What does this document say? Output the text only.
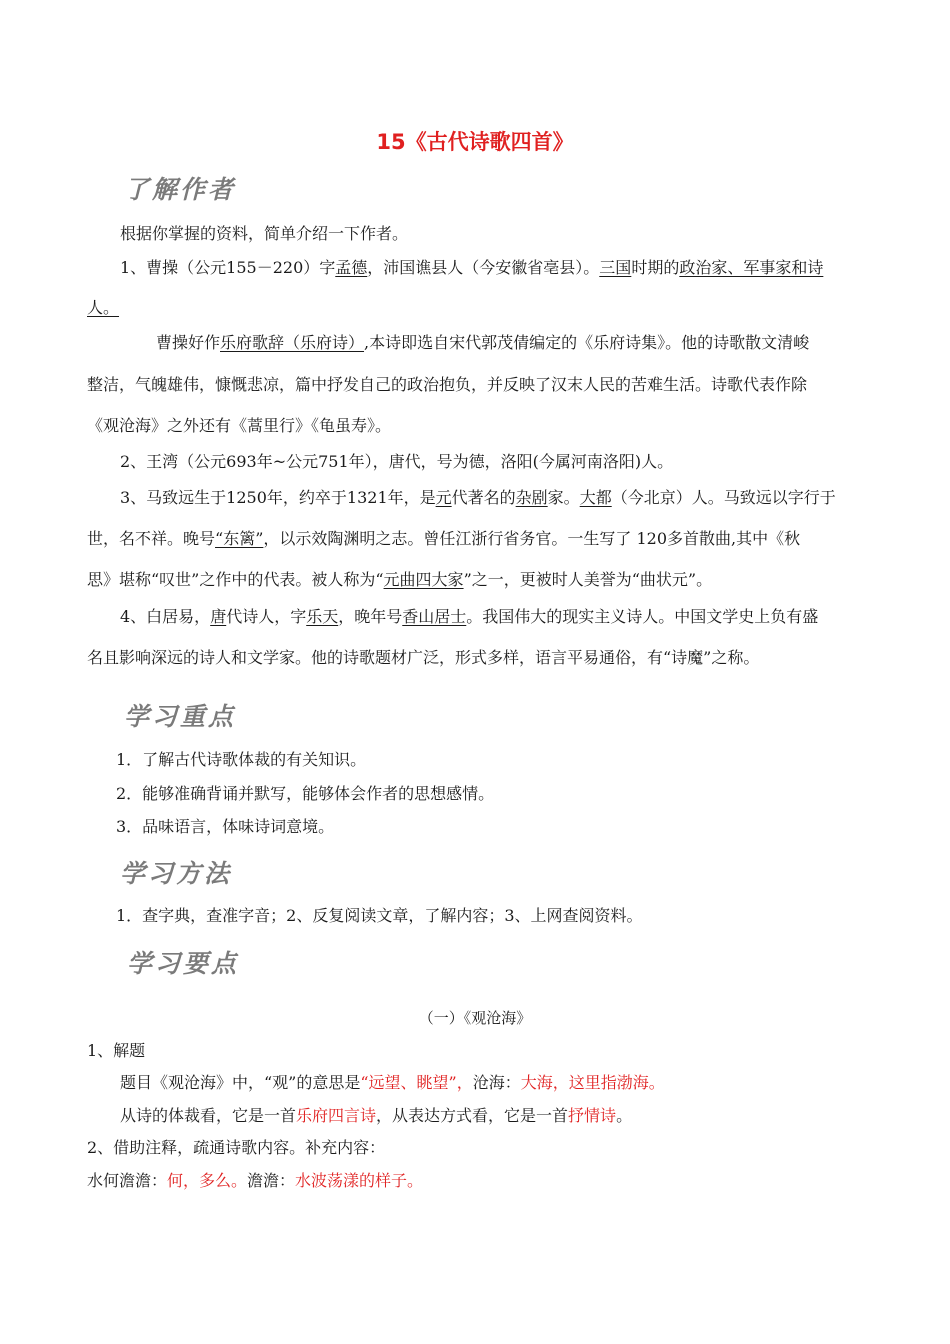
15《古代诗歌四首》
了解作者
根据你掌握的资料，简单介绍一下作者。
1、曹操（公元155－220）字孟德，沛国谯县人（今安徽省亳县）。三国时期的政治家、军事家和诗
人。
曹操好作乐府歌辞（乐府诗）,本诗即选自宋代郭茂倩编定的《乐府诗集》。他的诗歌散文清峻
整洁，气魄雄伟，慷慨悲凉，篇中抒发自己的政治抱负，并反映了汉末人民的苦难生活。诗歌代表作除
《观沧海》之外还有《蒿里行》《龟虽寿》。
2、王湾（公元693年~公元751年），唐代，号为德，洛阳(今属河南洛阳)人。
3、马致远生于1250年，约卒于1321年，是元代著名的杂剧家。大都（今北京）人。马致远以字行于
世，名不祥。晚号“东篱”，以示效陶渊明之志。曾任江浙行省务官。一生写了 120多首散曲,其中《秋
思》堪称“叹世”之作中的代表。被人称为“元曲四大家”之一，更被时人美誉为“曲状元”。
4、白居易，唐代诗人，字乐天，晚年号香山居士。我国伟大的现实主义诗人。中国文学史上负有盛
名且影响深远的诗人和文学家。他的诗歌题材广泛，形式多样，语言平易通俗，有“诗魔”之称。
学习重点
1．了解古代诗歌体裁的有关知识。
2．能够准确背诵并默写，能够体会作者的思想感情。
3．品味语言，体味诗词意境。
学习方法
1．查字典，查准字音；2、反复阅读文章，了解内容；3、上网查阅资料。
学习要点
（一）《观沧海》
1、解题
题目《观沧海》中，“观”的意思是“远望、眺望”，沧海：大海，这里指渤海。
从诗的体裁看，它是一首乐府四言诗，从表达方式看，它是一首抒情诗。
2、借助注释，疏通诗歌内容。补充内容：
水何澹澹：何，多么。澹澹：水波荡漾的样子。
